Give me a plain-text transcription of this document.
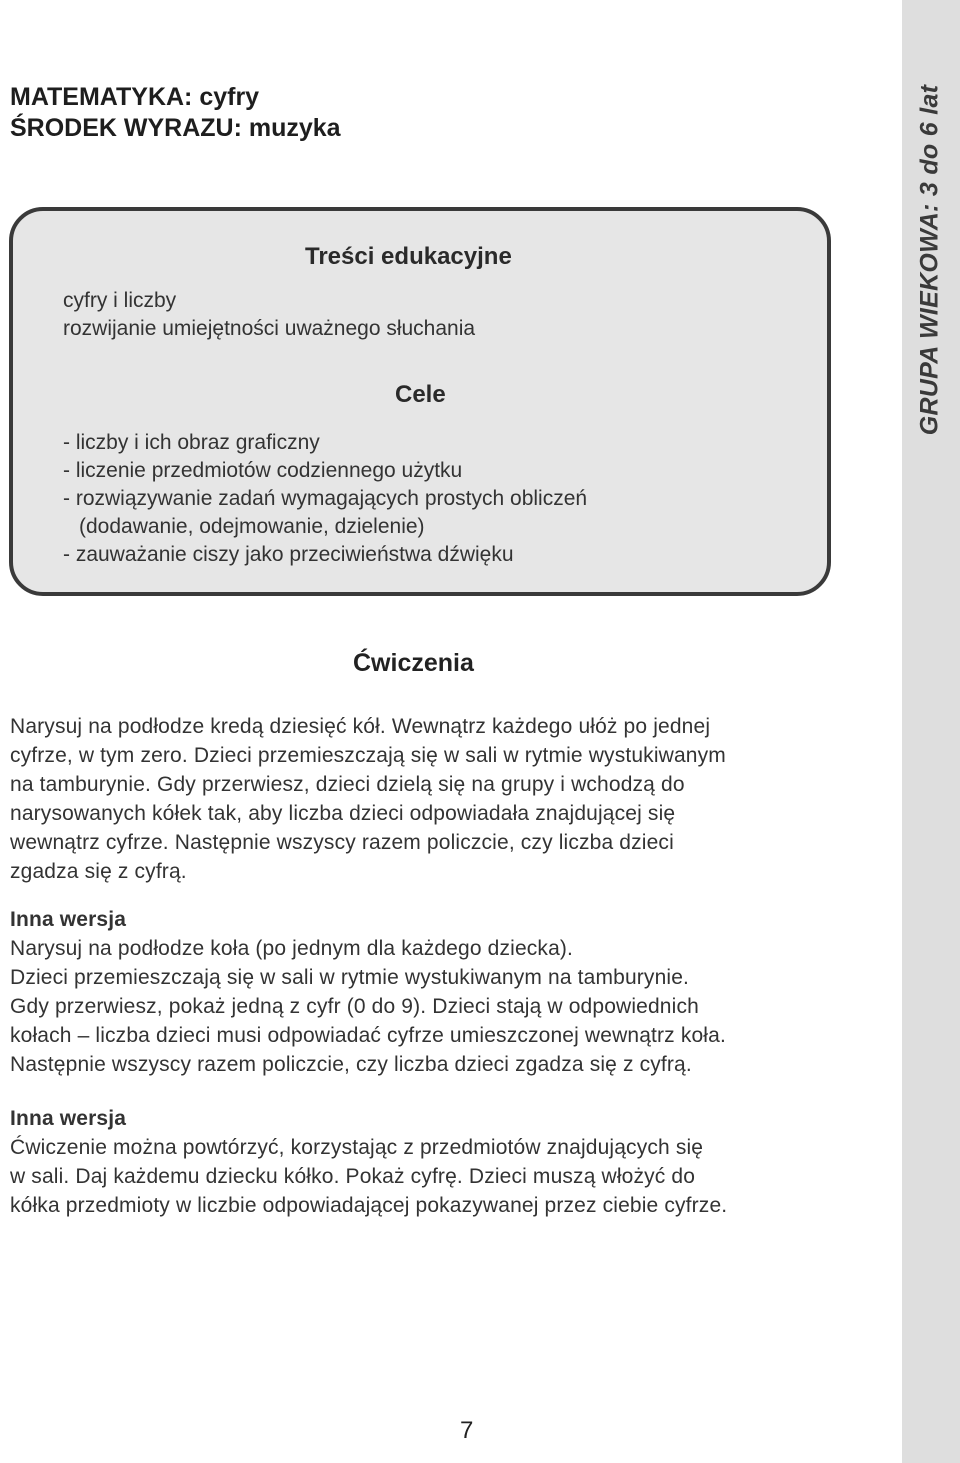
GRUPA WIEKOWA: 3 do 6 lat
MATEMATYKA: cyfry
ŚRODEK WYRAZU: muzyka
Treści edukacyjne
cyfry i liczby
rozwijanie umiejętności uważnego słuchania
Cele
- liczby i ich obraz graficzny
- liczenie przedmiotów codziennego użytku
- rozwiązywanie zadań wymagających prostych obliczeń
(dodawanie, odejmowanie, dzielenie)
- zauważanie ciszy jako przeciwieństwa dźwięku
Ćwiczenia
Narysuj na podłodze kredą dziesięć kół. Wewnątrz każdego ułóż po jednej
cyfrze, w tym zero. Dzieci przemieszczają się w sali w rytmie wystukiwanym
na tamburynie. Gdy przerwiesz, dzieci dzielą się na grupy i wchodzą do
narysowanych kółek tak, aby liczba dzieci odpowiadała znajdującej się
wewnątrz cyfrze. Następnie wszyscy razem policzcie, czy liczba dzieci
zgadza się z cyfrą.
Inna wersja
Narysuj na podłodze koła (po jednym dla każdego dziecka).
Dzieci przemieszczają się w sali w rytmie wystukiwanym na tamburynie.
Gdy przerwiesz, pokaż jedną z cyfr (0 do 9). Dzieci stają w odpowiednich
kołach – liczba dzieci musi odpowiadać cyfrze umieszczonej wewnątrz koła.
Następnie wszyscy razem policzcie, czy liczba dzieci zgadza się z cyfrą.
Inna wersja
Ćwiczenie można powtórzyć, korzystając z przedmiotów znajdujących się
w sali. Daj każdemu dziecku kółko. Pokaż cyfrę. Dzieci muszą włożyć do
kółka przedmioty w liczbie odpowiadającej pokazywanej przez ciebie cyfrze.
7
